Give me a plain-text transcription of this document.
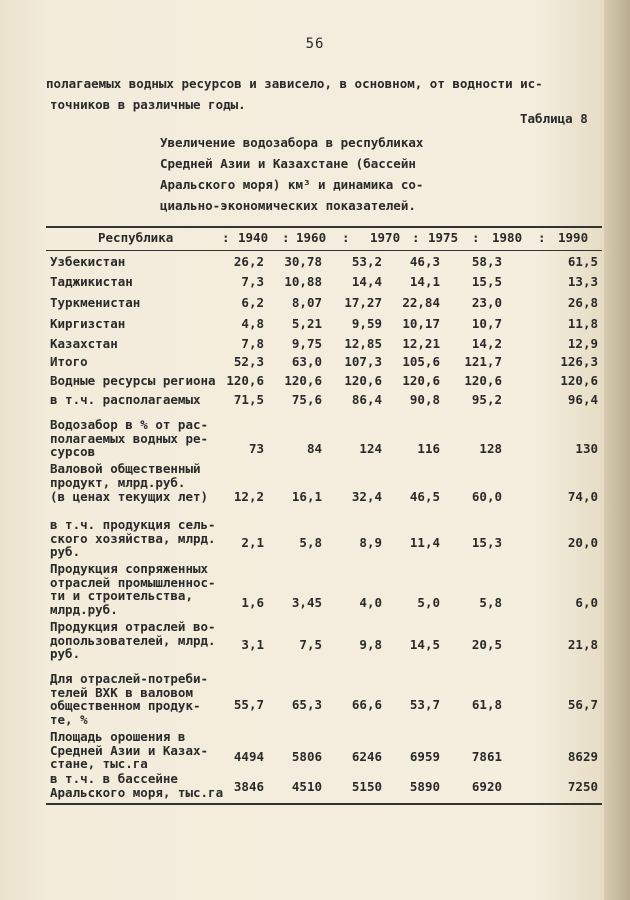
56
полагаемых водных ресурсов и зависело, в основном, от водности ис-
точников в различные годы.
Таблица 8
Увеличение водозабора в республиках
Средней Азии и Казахстане (бассейн
Аральского моря) км³ и динамика со-
циально-экономических показателей.
Республика	: 1940 : 1960 : 1970 : 1975 : 1980 : 1990
Узбекистан	26,2	30,78	53,2	46,3	58,3	61,5
Таджикистан	7,3	10,88	14,4	14,1	15,5	13,3
Туркменистан	6,2	8,07	17,27	22,84	23,0	26,8
Киргизстан	4,8	5,21	9,59	10,17	10,7	11,8
Казахстан	7,8	9,75	12,85	12,21	14,2	12,9
Итого	52,3	63,0	107,3	105,6	121,7	126,3
Водные ресурсы региона 120,6	120,6	120,6	120,6	120,6	120,6
в т.ч. располагаемых	71,5	75,6	86,4	90,8	95,2	96,4
Водозабор в % от рас-
полагаемых водных ре-
сурсов	73	84	124	116	128	130
Валовой общественный
продукт, млрд.руб.
(в ценах текущих лет)	12,2	16,1	32,4	46,5	60,0	74,0
в т.ч. продукция сель-
ского хозяйства, млрд.
руб.
2,1	5,8	8,9	11,4	15,3	20,0
Продукция сопряженных
отраслей промышленнос-
ти и строительства,
млрд.руб.	1,6	3,45	4,0	5,0	5,8	6,0
Продукция отраслей во-
допользователей, млрд.
руб.
3,1	7,5	9,8	14,5	20,5	21,8
Для отраслей-потреби-
телей ВХК в валовом
общественном продук-
те, %
55,7	65,3	66,6	53,7	61,8	56,7
Площадь орошения в
Средней Азии и Казах-
стане, тыс.га	4494	5806	6246	6959	7861	8629
в т.ч. в бассейне
Аральского моря, тыс.га 3846	4510	5150	5890	6920	7250
